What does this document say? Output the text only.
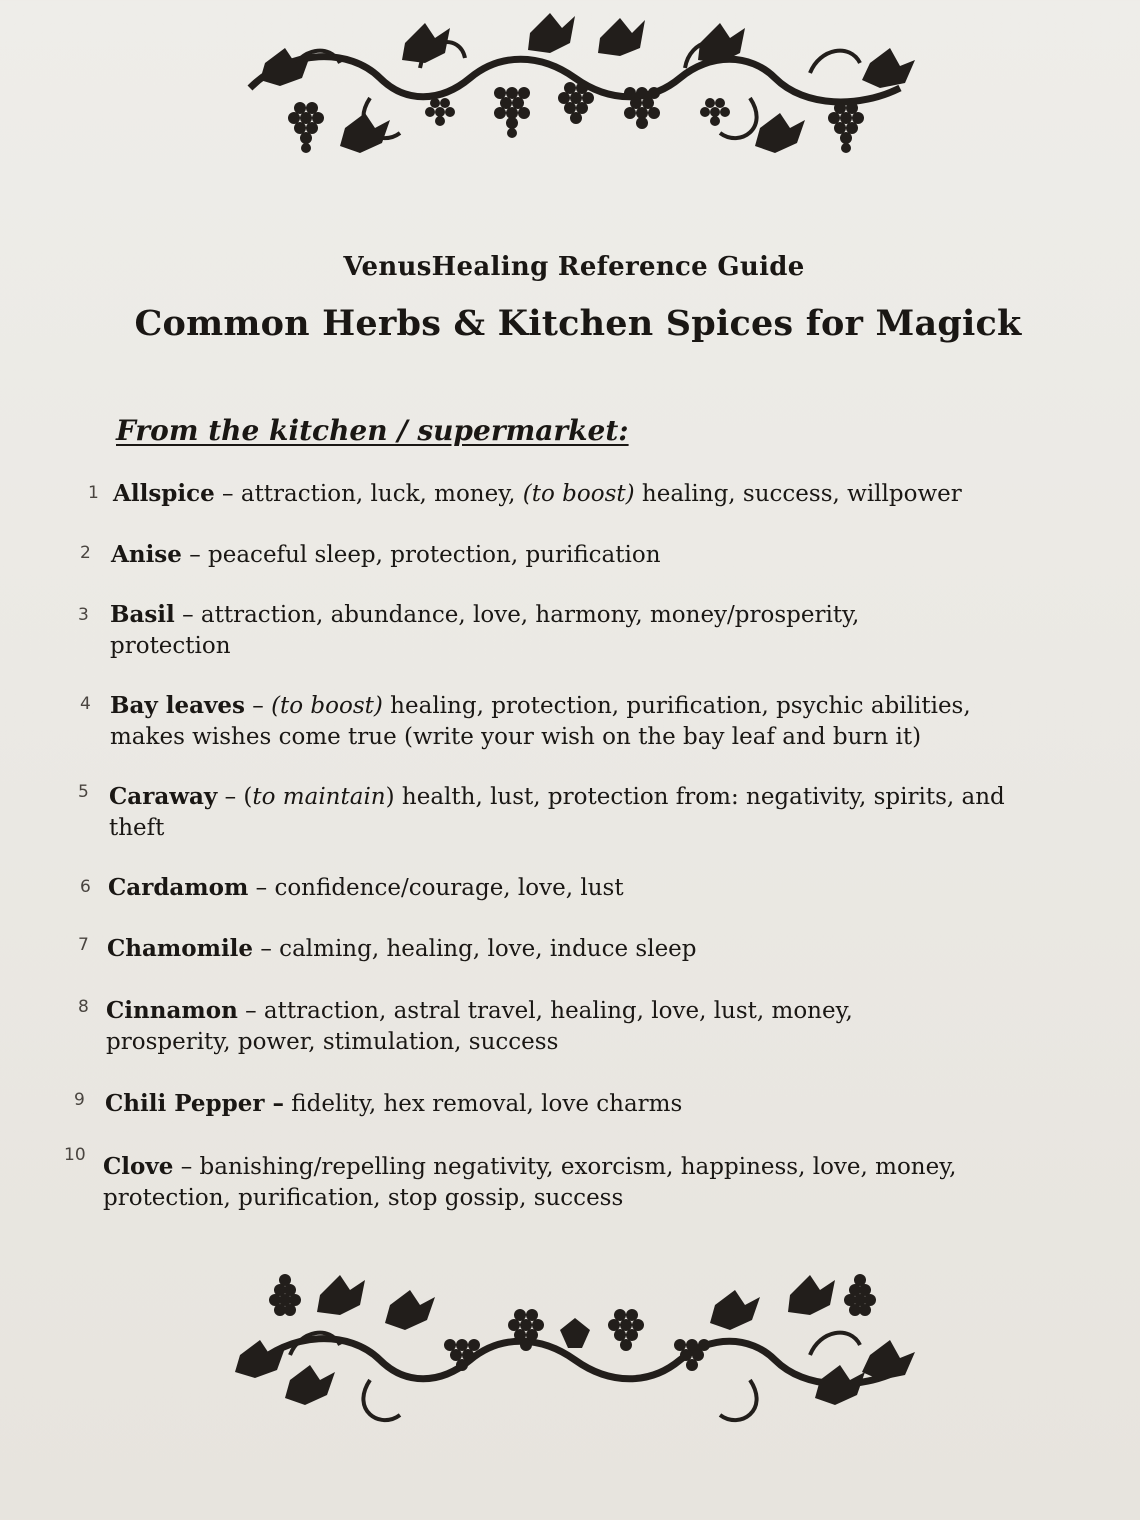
VenusHealing Reference Guide
Common Herbs & Kitchen Spices for Magick
From the kitchen / supermarket:
1 Allspice – attraction, luck, money, (to boost) healing, success, willpower
2 Anise – peaceful sleep, protection, purification
3 Basil – attraction, abundance, love, harmony, money/prosperity, protection
4 Bay leaves – (to boost) healing, protection, purification, psychic abilities, makes wishes come true (write your wish on the bay leaf and burn it)
5 Caraway – (to maintain) health, lust, protection from: negativity, spirits, and theft
6 Cardamom – confidence/courage, love, lust
7 Chamomile – calming, healing, love, induce sleep
8 Cinnamon – attraction, astral travel, healing, love, lust, money, prosperity, power, stimulation, success
9 Chili Pepper – fidelity, hex removal, love charms
10 Clove – banishing/repelling negativity, exorcism, happiness, love, money, protection, purification, stop gossip, success
